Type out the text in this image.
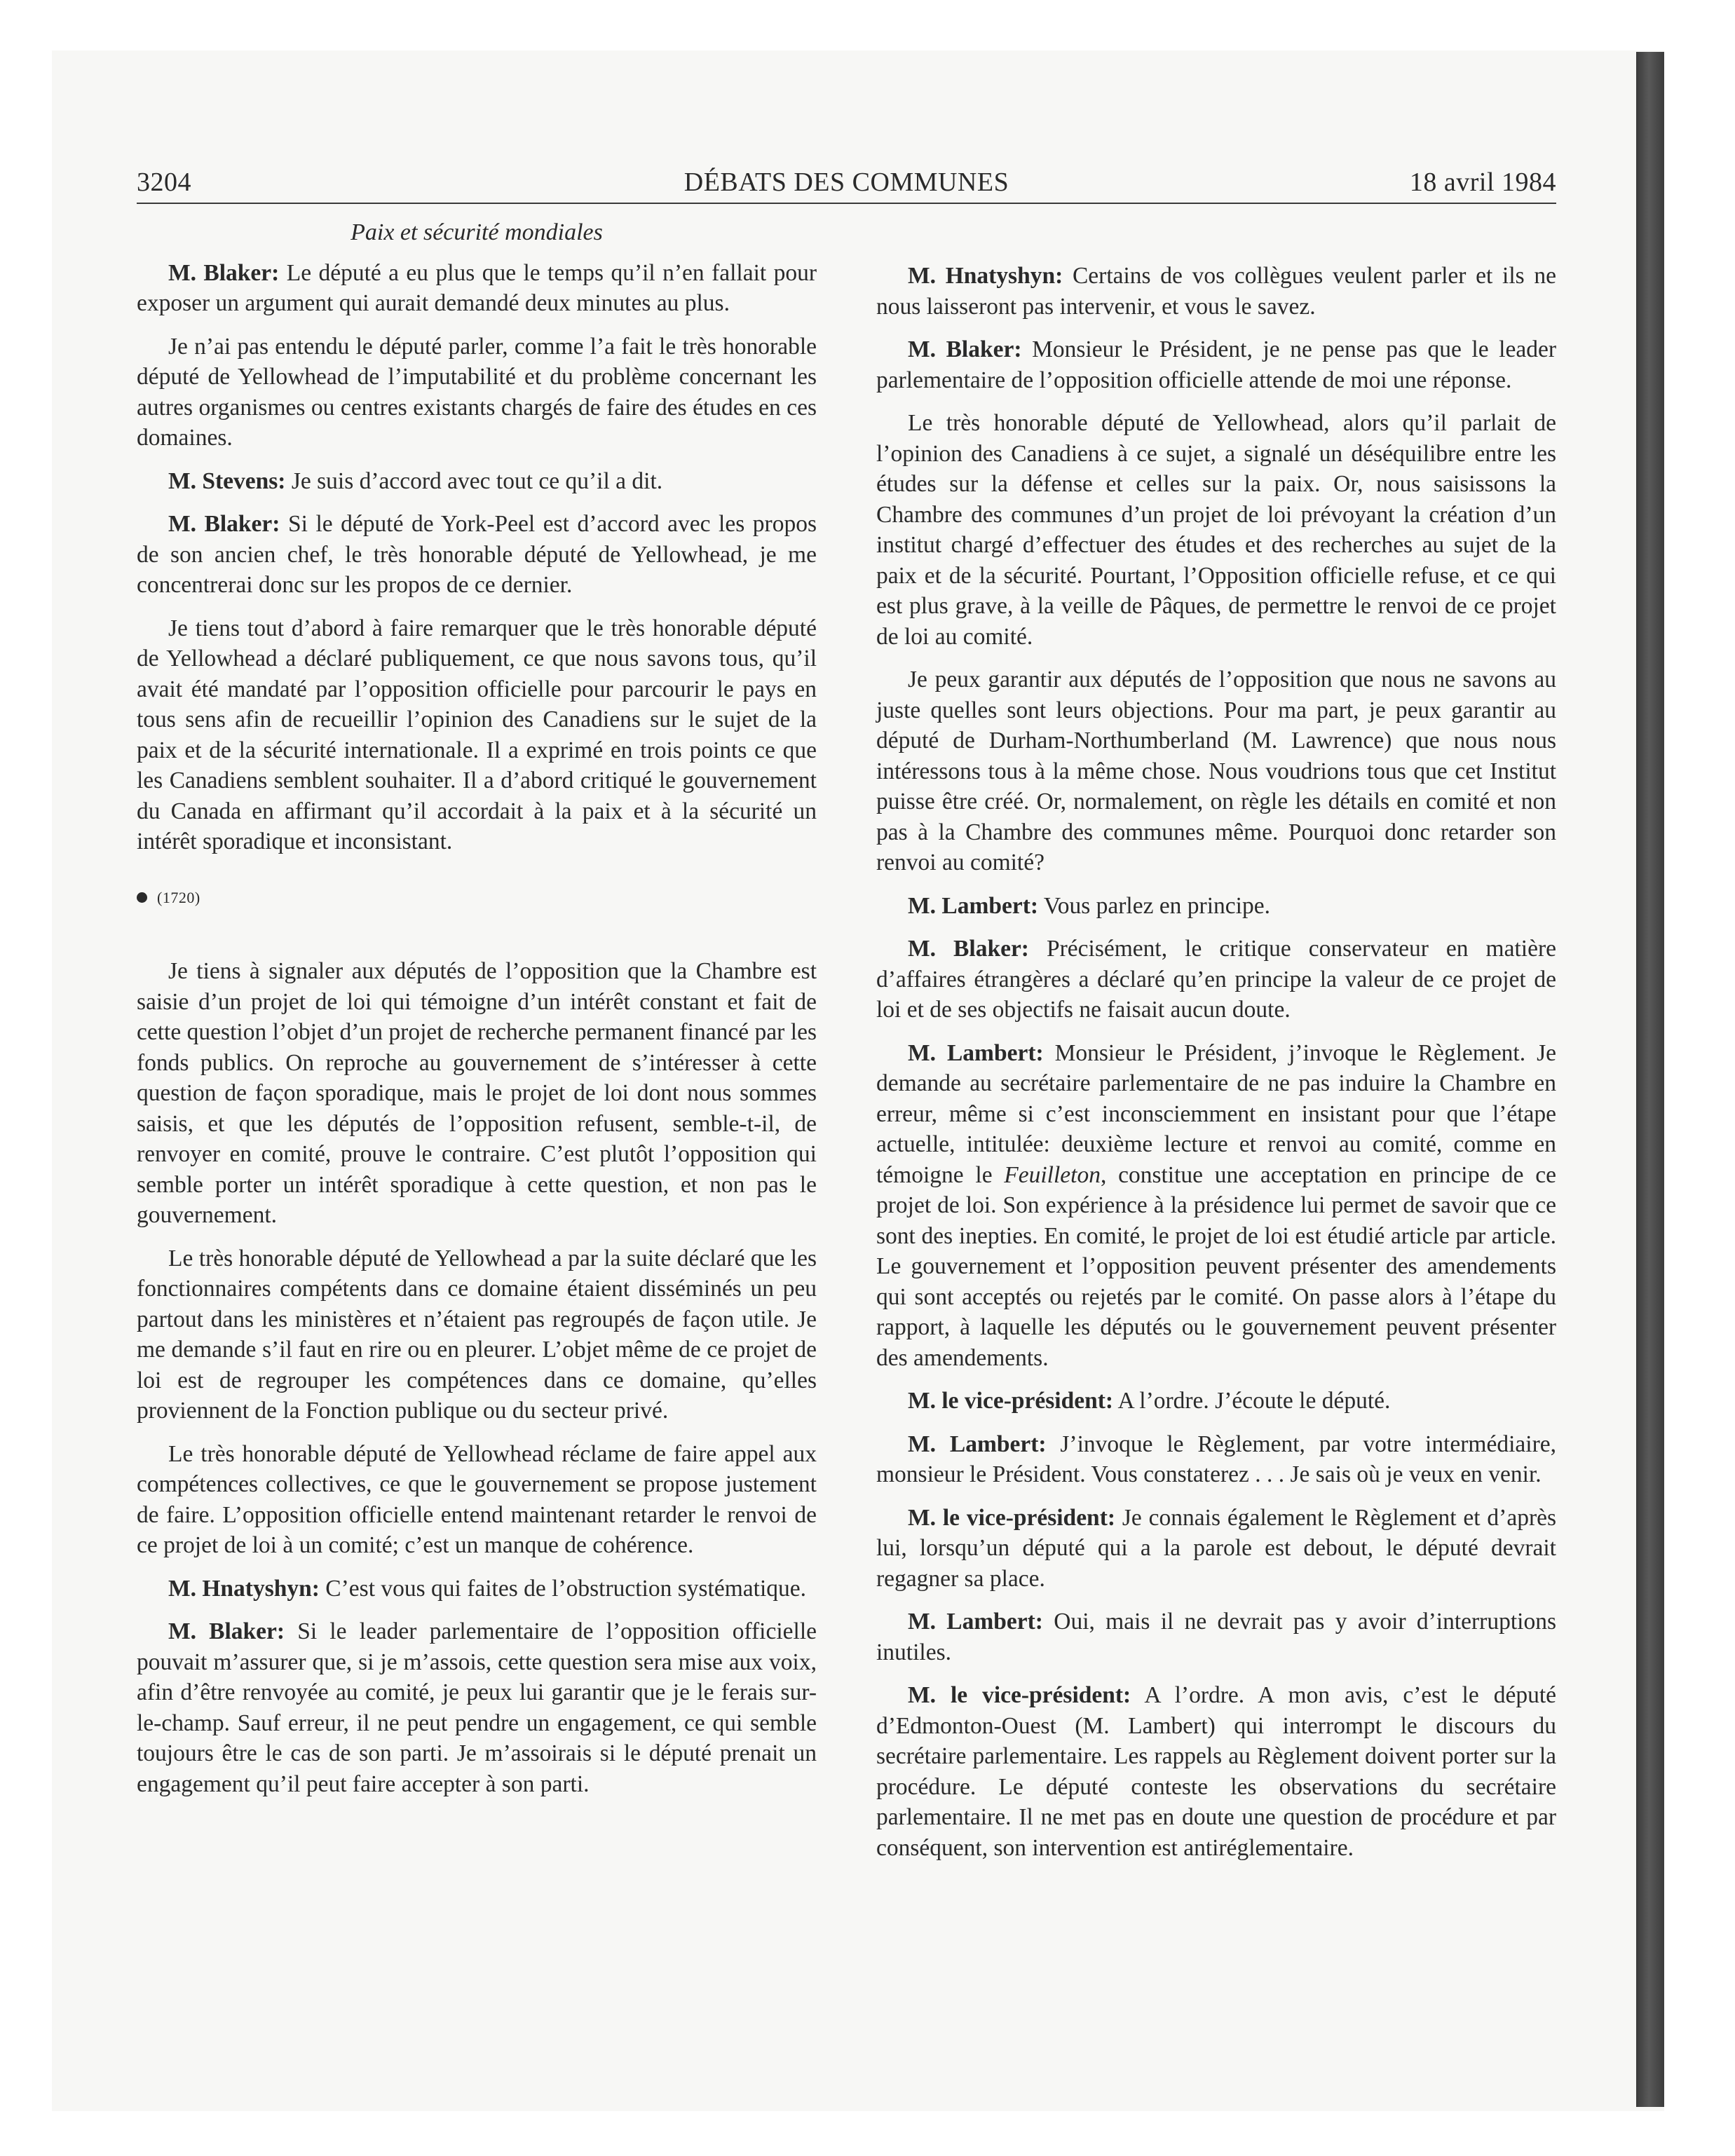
3204	DÉBATS DES COMMUNES	18 avril 1984
Paix et sécurité mondiales

M. Blaker: Le député a eu plus que le temps qu’il n’en fallait pour exposer un argument qui aurait demandé deux minutes au plus.

Je n’ai pas entendu le député parler, comme l’a fait le très honorable député de Yellowhead de l’imputabilité et du problème concernant les autres organismes ou centres existants chargés de faire des études en ces domaines.

M. Stevens: Je suis d’accord avec tout ce qu’il a dit.

M. Blaker: Si le député de York-Peel est d’accord avec les propos de son ancien chef, le très honorable député de Yellowhead, je me concentrerai donc sur les propos de ce dernier.

Je tiens tout d’abord à faire remarquer que le très honorable député de Yellowhead a déclaré publiquement, ce que nous savons tous, qu’il avait été mandaté par l’opposition officielle pour parcourir le pays en tous sens afin de recueillir l’opinion des Canadiens sur le sujet de la paix et de la sécurité internationale. Il a exprimé en trois points ce que les Canadiens semblent souhaiter. Il a d’abord critiqué le gouvernement du Canada en affirmant qu’il accordait à la paix et à la sécurité un intérêt sporadique et inconsistant.

(1720)

Je tiens à signaler aux députés de l’opposition que la Chambre est saisie d’un projet de loi qui témoigne d’un intérêt constant et fait de cette question l’objet d’un projet de recherche permanent financé par les fonds publics. On reproche au gouvernement de s’intéresser à cette question de façon sporadique, mais le projet de loi dont nous sommes saisis, et que les députés de l’opposition refusent, semble-t-il, de renvoyer en comité, prouve le contraire. C’est plutôt l’opposition qui semble porter un intérêt sporadique à cette question, et non pas le gouvernement.

Le très honorable député de Yellowhead a par la suite déclaré que les fonctionnaires compétents dans ce domaine étaient disséminés un peu partout dans les ministères et n’étaient pas regroupés de façon utile. Je me demande s’il faut en rire ou en pleurer. L’objet même de ce projet de loi est de regrouper les compétences dans ce domaine, qu’elles proviennent de la Fonction publique ou du secteur privé.

Le très honorable député de Yellowhead réclame de faire appel aux compétences collectives, ce que le gouvernement se propose justement de faire. L’opposition officielle entend maintenant retarder le renvoi de ce projet de loi à un comité; c’est un manque de cohérence.

M. Hnatyshyn: C’est vous qui faites de l’obstruction systématique.

M. Blaker: Si le leader parlementaire de l’opposition officielle pouvait m’assurer que, si je m’assois, cette question sera mise aux voix, afin d’être renvoyée au comité, je peux lui garantir que je le ferais sur-le-champ. Sauf erreur, il ne peut pendre un engagement, ce qui semble toujours être le cas de son parti. Je m’assoirais si le député prenait un engagement qu’il peut faire accepter à son parti.

M. Hnatyshyn: Certains de vos collègues veulent parler et ils ne nous laisseront pas intervenir, et vous le savez.

M. Blaker: Monsieur le Président, je ne pense pas que le leader parlementaire de l’opposition officielle attende de moi une réponse.

Le très honorable député de Yellowhead, alors qu’il parlait de l’opinion des Canadiens à ce sujet, a signalé un déséquilibre entre les études sur la défense et celles sur la paix. Or, nous saisissons la Chambre des communes d’un projet de loi prévoyant la création d’un institut chargé d’effectuer des études et des recherches au sujet de la paix et de la sécurité. Pourtant, l’Opposition officielle refuse, et ce qui est plus grave, à la veille de Pâques, de permettre le renvoi de ce projet de loi au comité.

Je peux garantir aux députés de l’opposition que nous ne savons au juste quelles sont leurs objections. Pour ma part, je peux garantir au député de Durham-Northumberland (M. Lawrence) que nous nous intéressons tous à la même chose. Nous voudrions tous que cet Institut puisse être créé. Or, normalement, on règle les détails en comité et non pas à la Chambre des communes même. Pourquoi donc retarder son renvoi au comité?

M. Lambert: Vous parlez en principe.

M. Blaker: Précisément, le critique conservateur en matière d’affaires étrangères a déclaré qu’en principe la valeur de ce projet de loi et de ses objectifs ne faisait aucun doute.

M. Lambert: Monsieur le Président, j’invoque le Règlement. Je demande au secrétaire parlementaire de ne pas induire la Chambre en erreur, même si c’est inconsciemment en insistant pour que l’étape actuelle, intitulée: deuxième lecture et renvoi au comité, comme en témoigne le Feuilleton, constitue une acceptation en principe de ce projet de loi. Son expérience à la présidence lui permet de savoir que ce sont des inepties. En comité, le projet de loi est étudié article par article. Le gouvernement et l’opposition peuvent présenter des amendements qui sont acceptés ou rejetés par le comité. On passe alors à l’étape du rapport, à laquelle les députés ou le gouvernement peuvent présenter des amendements.

M. le vice-président: A l’ordre. J’écoute le député.

M. Lambert: J’invoque le Règlement, par votre intermédiaire, monsieur le Président. Vous constaterez . . . Je sais où je veux en venir.

M. le vice-président: Je connais également le Règlement et d’après lui, lorsqu’un député qui a la parole est debout, le député devrait regagner sa place.

M. Lambert: Oui, mais il ne devrait pas y avoir d’interruptions inutiles.

M. le vice-président: A l’ordre. A mon avis, c’est le député d’Edmonton-Ouest (M. Lambert) qui interrompt le discours du secrétaire parlementaire. Les rappels au Règlement doivent porter sur la procédure. Le député conteste les observations du secrétaire parlementaire. Il ne met pas en doute une question de procédure et par conséquent, son intervention est antiréglementaire.
